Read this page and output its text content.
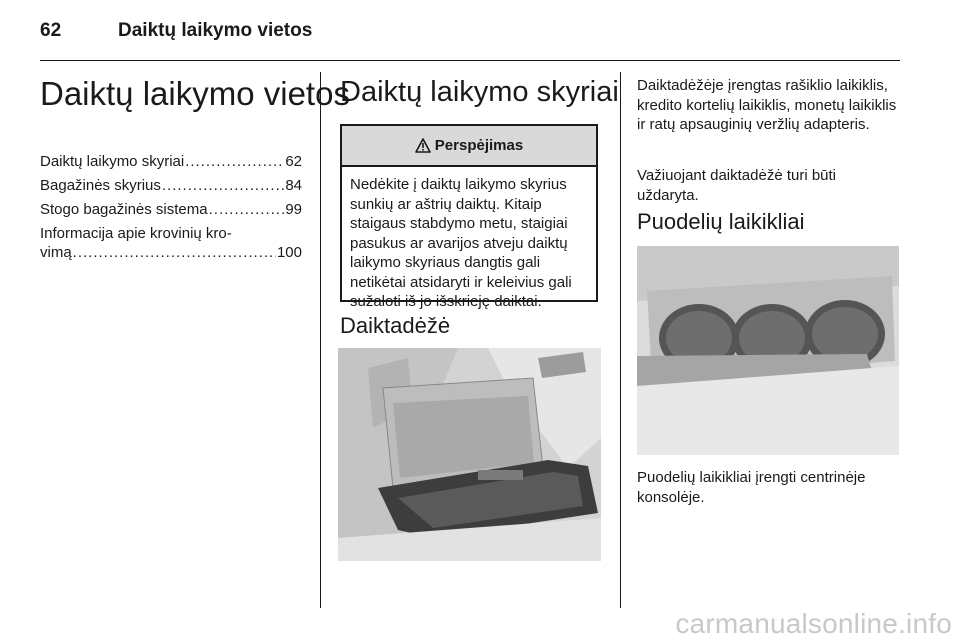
62	Daiktų laikymo vietos
Daiktų laikymo vietos
Daiktų laikymo skyriai .....	62
Bagažinės skyrius .....	84
Stogo bagažinės sistema .....	99
Informacija apie krovinių kro-
vimą .....	100
Daiktų laikymo skyriai
Perspėjimas
Nedėkite į daiktų laikymo skyrius sunkių ar aštrių daiktų. Kitaip staigaus stabdymo metu, staigiai pasukus ar avarijos atveju daiktų laikymo skyriaus dangtis gali netikėtai atsidaryti ir keleivius gali sužaloti iš jo išskrieję daiktai.
Daiktadėžė
Daiktadėžėje įrengtas rašiklio laikiklis, kredito kortelių laikiklis, monetų laikiklis ir ratų apsauginių veržlių adapteris.
Važiuojant daiktadėžė turi būti uždaryta.
Puodelių laikikliai
Puodelių laikikliai įrengti centrinėje konsolėje.
carmanualsonline.info
